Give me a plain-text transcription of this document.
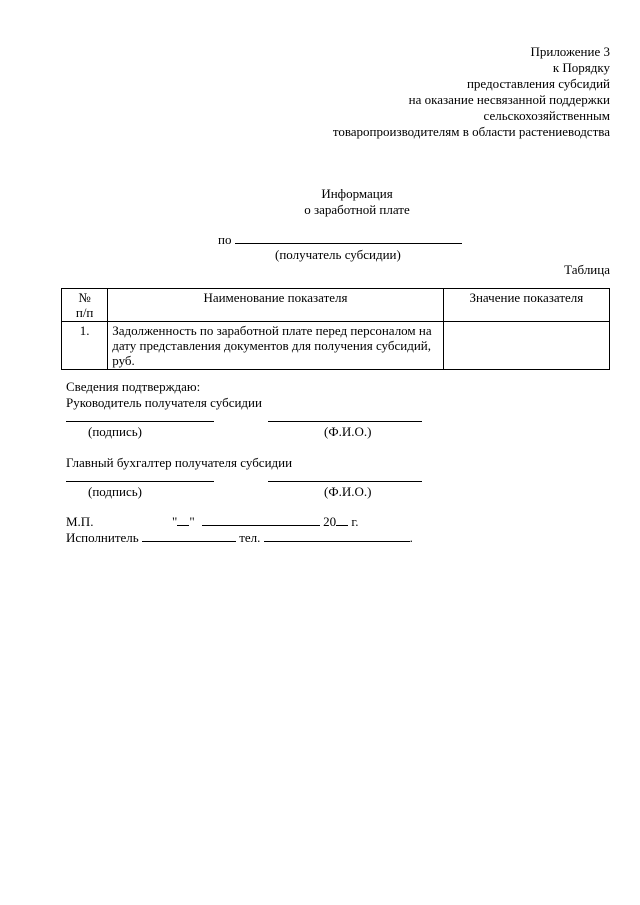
Приложение 3
к Порядку
предоставления субсидий
на оказание несвязанной поддержки
сельскохозяйственным
товаропроизводителям в области растениеводства
Информация
о заработной плате
по
(получатель субсидии)
Таблица
№
п/п	Наименование показателя	Значение показателя
1.	Задолженность по заработной плате перед персоналом на дату представления документов для получения субсидий, руб.	
Сведения подтверждаю:
Руководитель получателя субсидии
(подпись)	(Ф.И.О.)
Главный бухгалтер получателя субсидии
(подпись)	(Ф.И.О.)
М.П.	" "	20 г.
Исполнитель	тел.	.
